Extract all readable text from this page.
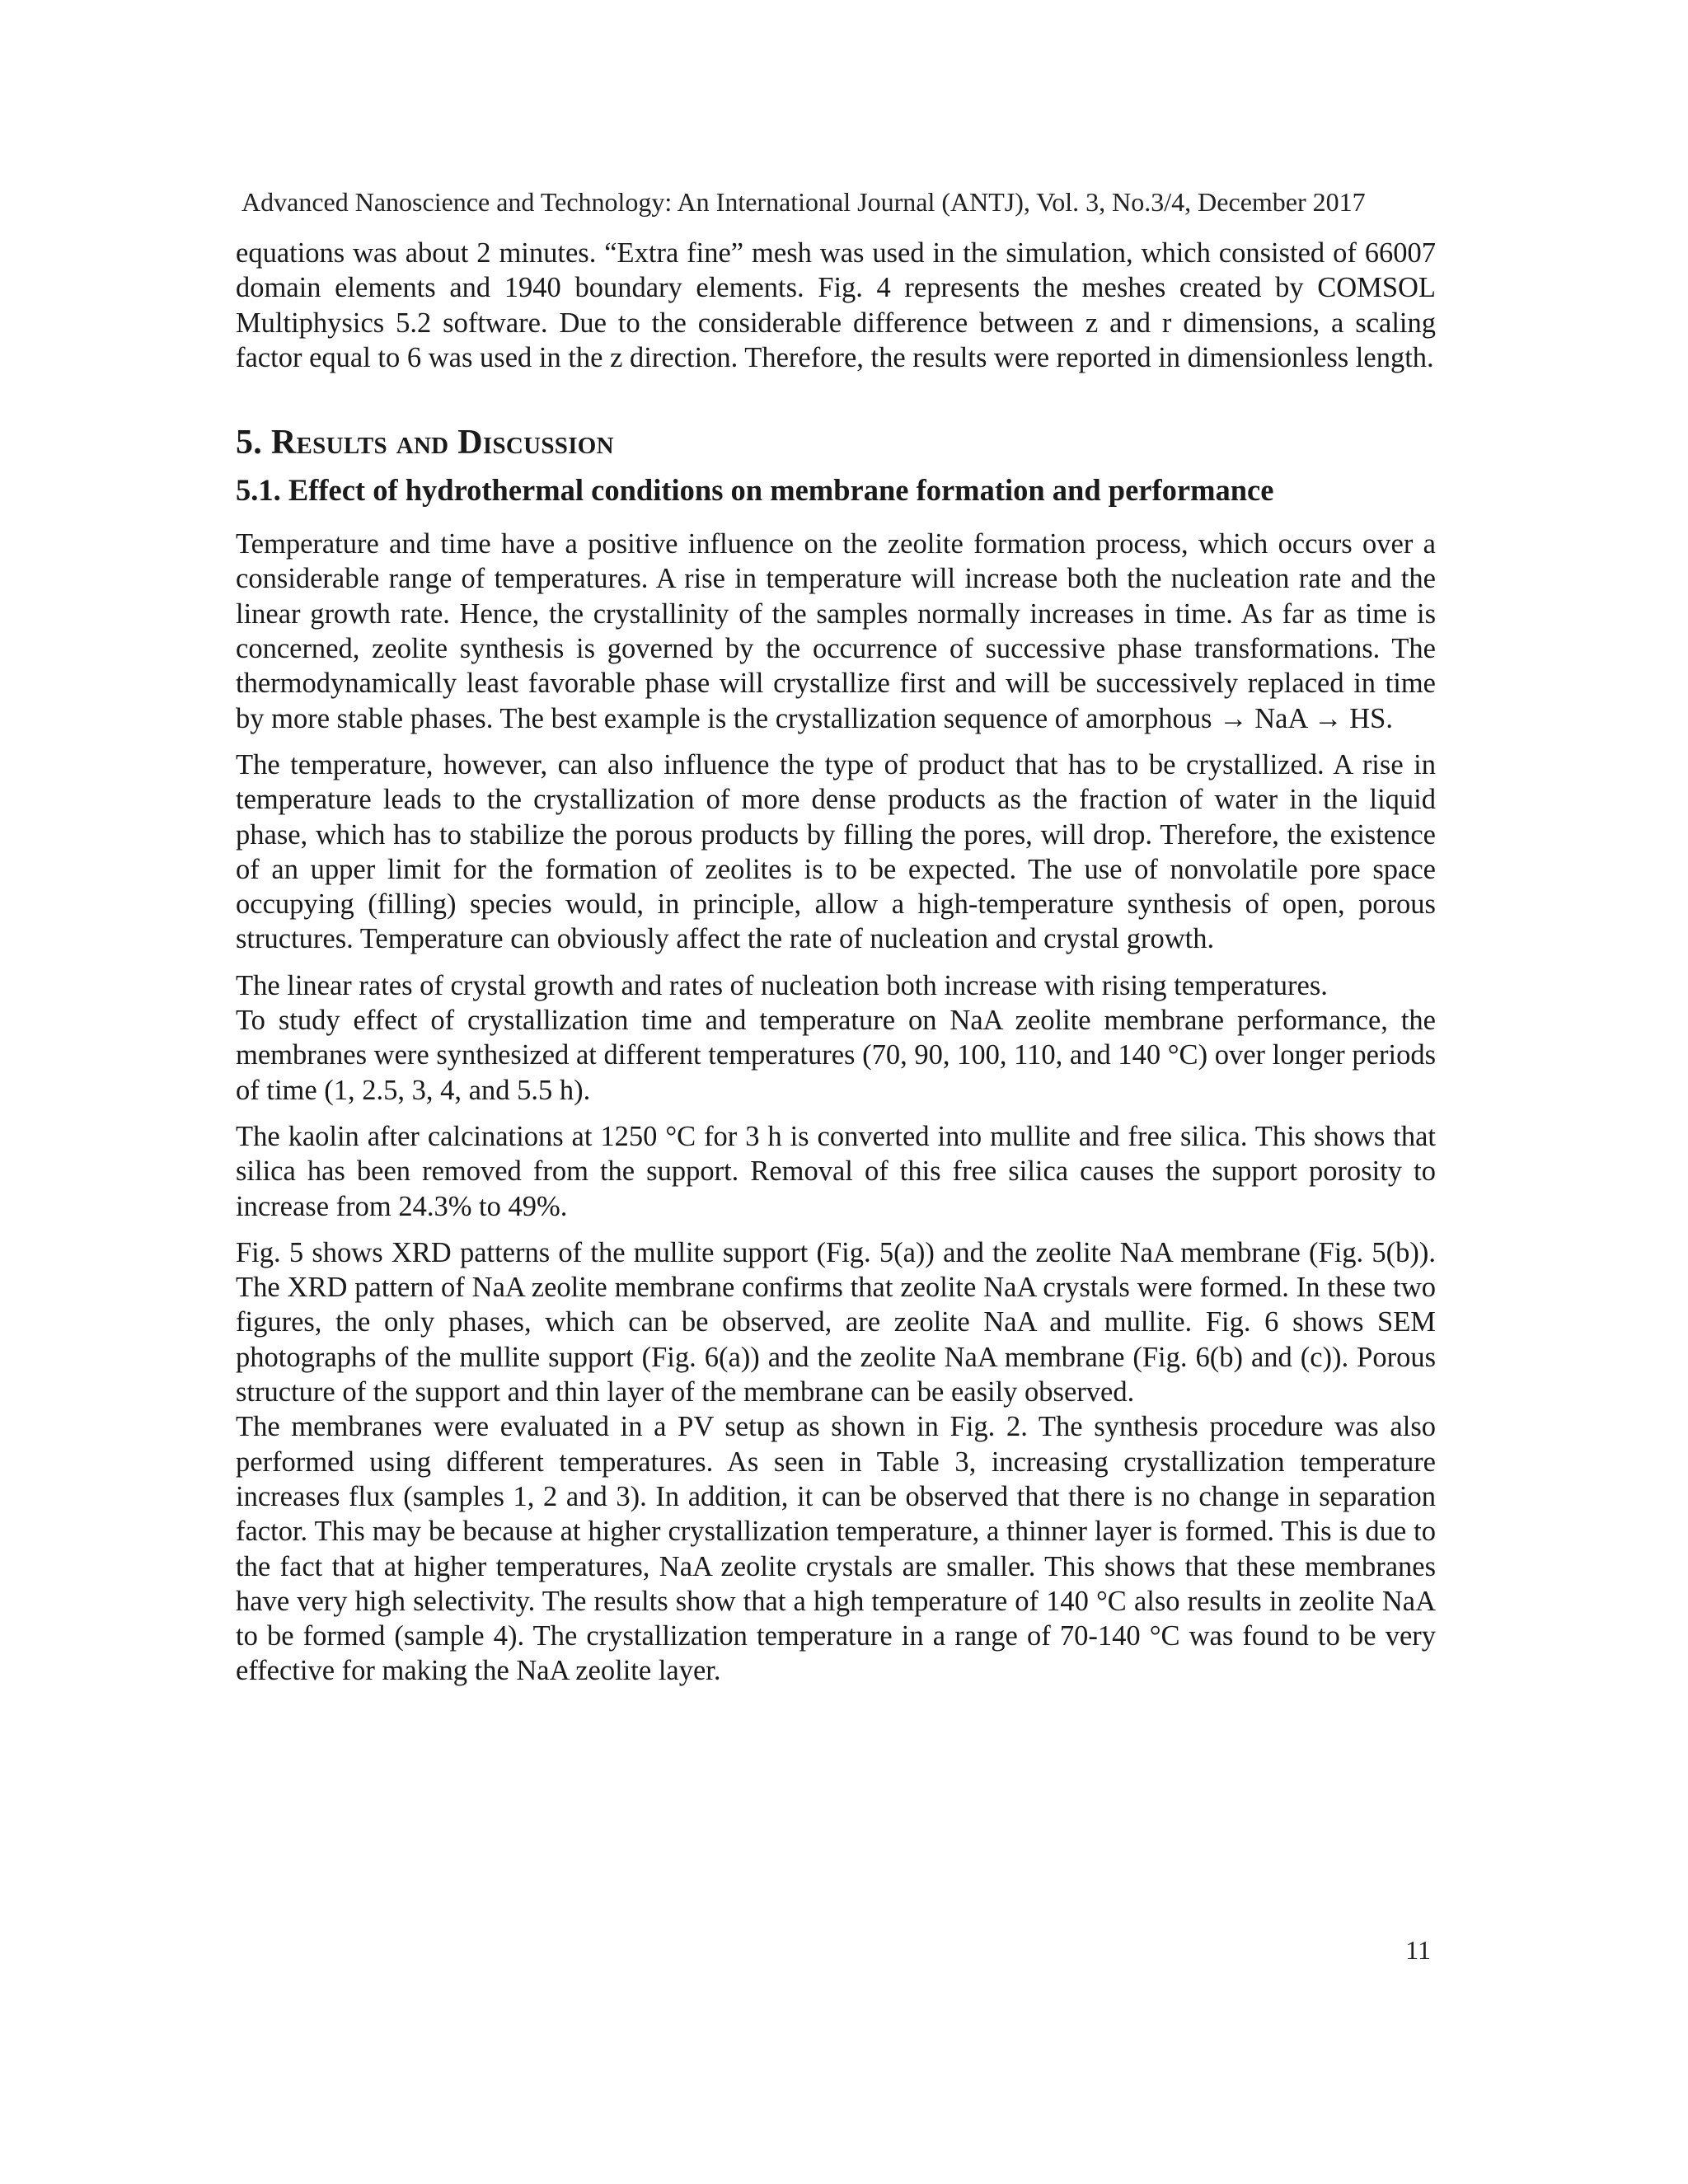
Advanced Nanoscience and Technology: An International Journal (ANTJ), Vol. 3, No.3/4, December 2017

equations was about 2 minutes. “Extra fine” mesh was used in the simulation, which consisted of 66007 domain elements and 1940 boundary elements. Fig. 4 represents the meshes created by COMSOL Multiphysics 5.2 software. Due to the considerable difference between z and r dimensions, a scaling factor equal to 6 was used in the z direction. Therefore, the results were reported in dimensionless length.

5. Results and Discussion
5.1. Effect of hydrothermal conditions on membrane formation and performance

Temperature and time have a positive influence on the zeolite formation process, which occurs over a considerable range of temperatures. A rise in temperature will increase both the nucleation rate and the linear growth rate. Hence, the crystallinity of the samples normally increases in time. As far as time is concerned, zeolite synthesis is governed by the occurrence of successive phase transformations. The thermodynamically least favorable phase will crystallize first and will be successively replaced in time by more stable phases. The best example is the crystallization sequence of amorphous → NaA → HS.

The temperature, however, can also influence the type of product that has to be crystallized. A rise in temperature leads to the crystallization of more dense products as the fraction of water in the liquid phase, which has to stabilize the porous products by filling the pores, will drop. Therefore, the existence of an upper limit for the formation of zeolites is to be expected. The use of nonvolatile pore space occupying (filling) species would, in principle, allow a high-temperature synthesis of open, porous structures. Temperature can obviously affect the rate of nucleation and crystal growth.

The linear rates of crystal growth and rates of nucleation both increase with rising temperatures.

To study effect of crystallization time and temperature on NaA zeolite membrane performance, the membranes were synthesized at different temperatures (70, 90, 100, 110, and 140 °C) over longer periods of time (1, 2.5, 3, 4, and 5.5 h).

The kaolin after calcinations at 1250 °C for 3 h is converted into mullite and free silica. This shows that silica has been removed from the support. Removal of this free silica causes the support porosity to increase from 24.3% to 49%.

Fig. 5 shows XRD patterns of the mullite support (Fig. 5(a)) and the zeolite NaA membrane (Fig. 5(b)). The XRD pattern of NaA zeolite membrane confirms that zeolite NaA crystals were formed. In these two figures, the only phases, which can be observed, are zeolite NaA and mullite. Fig. 6 shows SEM photographs of the mullite support (Fig. 6(a)) and the zeolite NaA membrane (Fig. 6(b) and (c)). Porous structure of the support and thin layer of the membrane can be easily observed.

The membranes were evaluated in a PV setup as shown in Fig. 2. The synthesis procedure was also performed using different temperatures. As seen in Table 3, increasing crystallization temperature increases flux (samples 1, 2 and 3). In addition, it can be observed that there is no change in separation factor. This may be because at higher crystallization temperature, a thinner layer is formed. This is due to the fact that at higher temperatures, NaA zeolite crystals are smaller. This shows that these membranes have very high selectivity. The results show that a high temperature of 140 °C also results in zeolite NaA to be formed (sample 4). The crystallization temperature in a range of 70-140 °C was found to be very effective for making the NaA zeolite layer.

11
